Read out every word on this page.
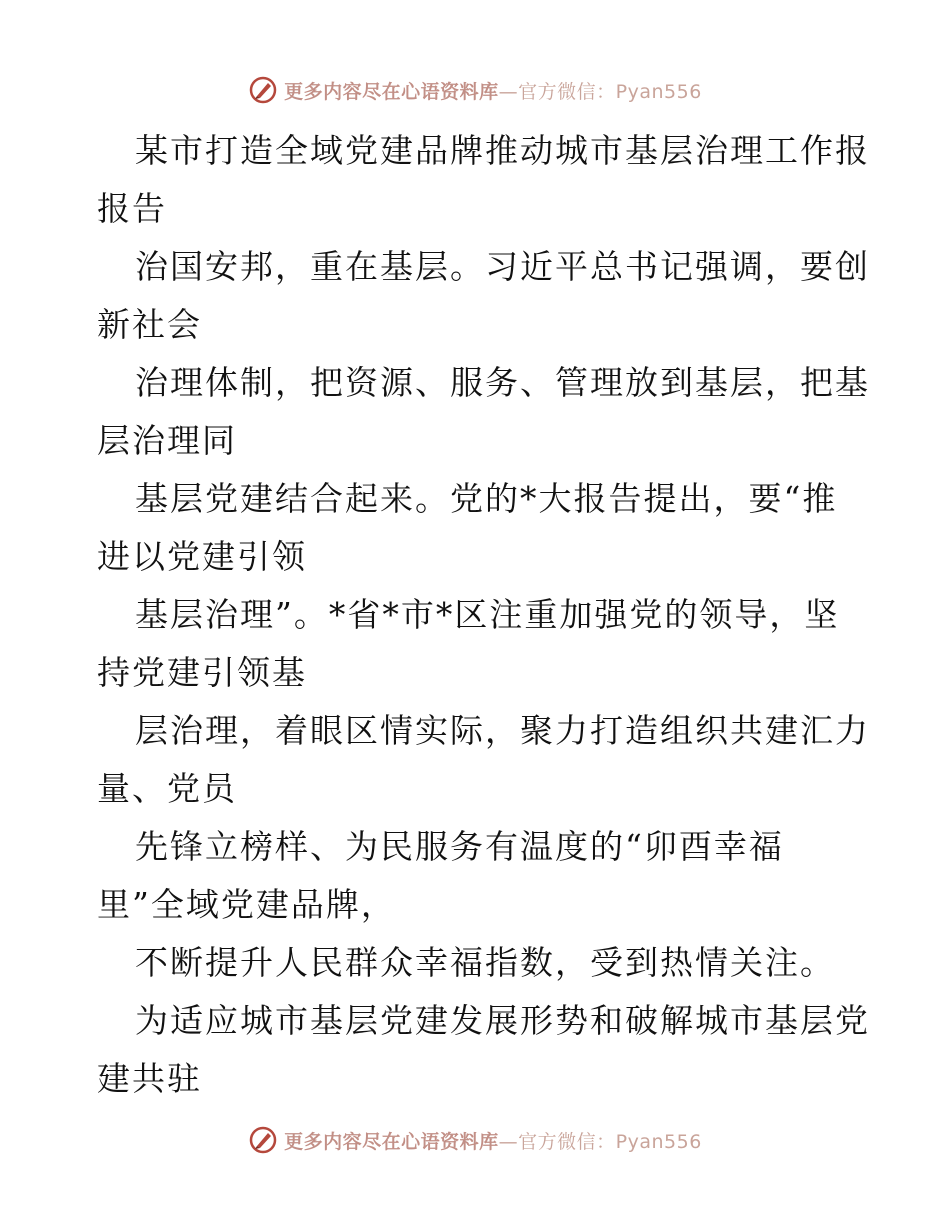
更多内容尽在心语资料库—官方微信：Pyan556

某市打造全域党建品牌推动城市基层治理工作报
报告

治国安邦，重在基层。习近平总书记强调，要创
新社会

治理体制，把资源、服务、管理放到基层，把基
层治理同

基层党建结合起来。党的*大报告提出，要“推
进以党建引领

基层治理”。*省*市*区注重加强党的领导，坚
持党建引领基

层治理，着眼区情实际，聚力打造组织共建汇力
量、党员

先锋立榜样、为民服务有温度的“卯酉幸福
里”全域党建品牌，

不断提升人民群众幸福指数，受到热情关注。

为适应城市基层党建发展形势和破解城市基层党
建共驻

更多内容尽在心语资料库—官方微信：Pyan556
